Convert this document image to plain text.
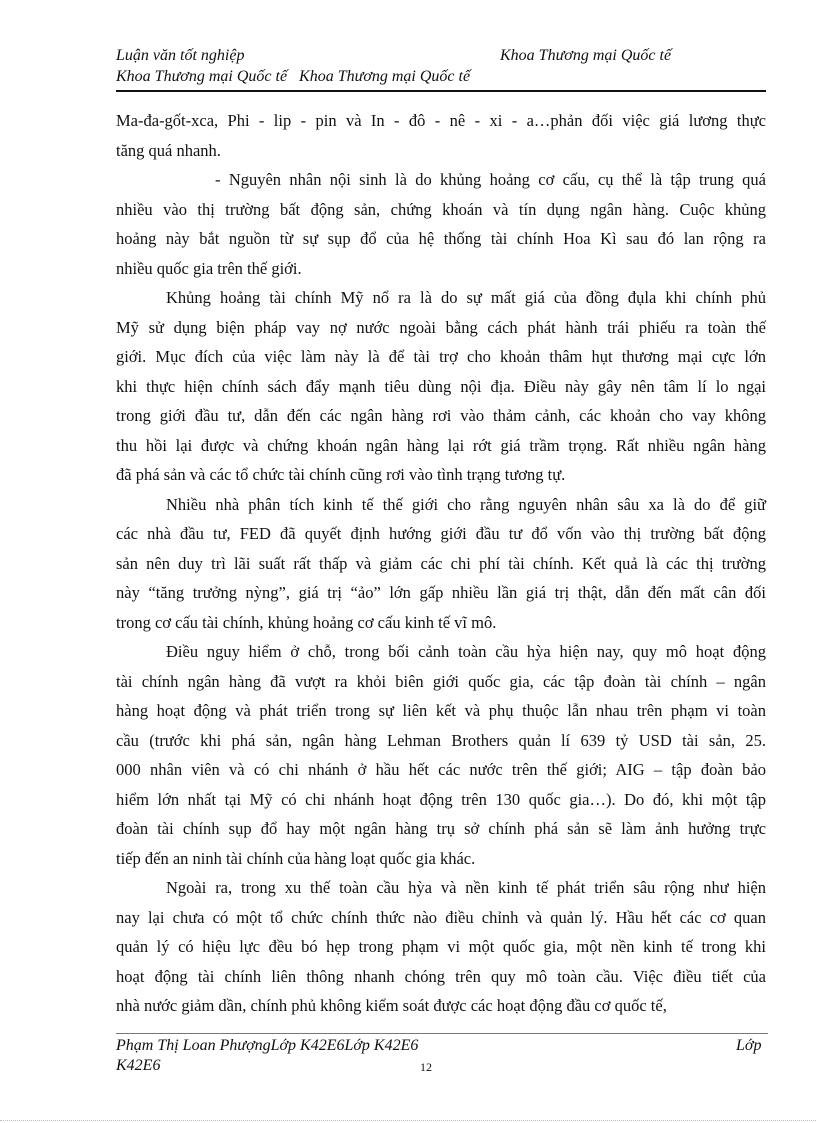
Luận văn tốt nghiệp	Khoa Thương mại Quốc tế
Khoa Thương mại Quốc tế   Khoa Thương mại Quốc tế
Ma-đa-gốt-xca, Phi - lip - pin và In - đô - nê - xi - a…phản đối việc giá lương thực
tăng quá nhanh.
- Nguyên nhân nội sinh là do khủng hoảng cơ cấu, cụ thể là tập trung quá
nhiều vào thị trường bất động sản, chứng khoán và tín dụng ngân hàng. Cuộc khủng
hoảng này bắt nguồn từ sự sụp đổ của hệ thống tài chính Hoa Kì sau đó lan rộng ra
nhiều quốc gia trên thế giới.
Khủng hoảng tài chính Mỹ nổ ra là do sự mất giá của đồng đụla khi chính phủ
Mỹ sử dụng biện pháp vay nợ nước ngoài bằng cách phát hành trái phiếu ra toàn thế
giới. Mục đích của việc làm này là để tài trợ cho khoản thâm hụt thương mại cực lớn
khi thực hiện chính sách đẩy mạnh tiêu dùng nội địa. Điều này gây nên tâm lí lo ngại
trong giới đầu tư, dẫn đến các ngân hàng rơi vào thảm cảnh, các khoản cho vay không
thu hồi lại được và chứng khoán ngân hàng lại rớt giá trầm trọng. Rất nhiều ngân hàng
đã phá sản và các tổ chức tài chính cũng rơi vào tình trạng tương tự.
Nhiều nhà phân tích kinh tế thế giới cho rằng nguyên nhân sâu xa là do để giữ
các nhà đầu tư, FED đã quyết định hướng giới đầu tư đổ vốn vào thị trường bất động
sản nên duy trì lãi suất rất thấp và giảm các chi phí tài chính. Kết quả là các thị trường
này “tăng trưởng nỳng”, giá trị “ảo” lớn gấp nhiều lần giá trị thật, dẫn đến mất cân đối
trong cơ cấu tài chính, khủng hoảng cơ cấu kinh tế vĩ mô.
Điều nguy hiểm ở chỗ, trong bối cảnh toàn cầu hỳa hiện nay, quy mô hoạt động
tài chính ngân hàng đã vượt ra khỏi biên giới quốc gia, các tập đoàn tài chính – ngân
hàng hoạt động và phát triển trong sự liên kết và phụ thuộc lẫn nhau trên phạm vi toàn
cầu (trước khi phá sản, ngân hàng Lehman Brothers quản lí 639 tỷ USD tài sản, 25.
000 nhân viên và có chi nhánh ở hầu hết các nước trên thế giới; AIG – tập đoàn bảo
hiểm lớn nhất tại Mỹ có chi nhánh hoạt động trên 130 quốc gia…). Do đó, khi một tập
đoàn tài chính sụp đổ hay một ngân hàng trụ sở chính phá sản sẽ làm ảnh hưởng trực
tiếp đến an ninh tài chính của hàng loạt quốc gia khác.
Ngoài ra, trong xu thế toàn cầu hỳa và nền kinh tế phát triển sâu rộng như hiện
nay lại chưa có một tổ chức chính thức nào điều chỉnh và quản lý. Hầu hết các cơ quan
quản lý có hiệu lực đều bó hẹp trong phạm vi một quốc gia, một nền kinh tế trong khi
hoạt động tài chính liên thông nhanh chóng trên quy mô toàn cầu. Việc điều tiết của
nhà nước giảm dần, chính phủ không kiểm soát được các hoạt động đầu cơ quốc tế,
Phạm Thị Loan PhượngLớp K42E6Lớp K42E6
12
Lớp
K42E6
